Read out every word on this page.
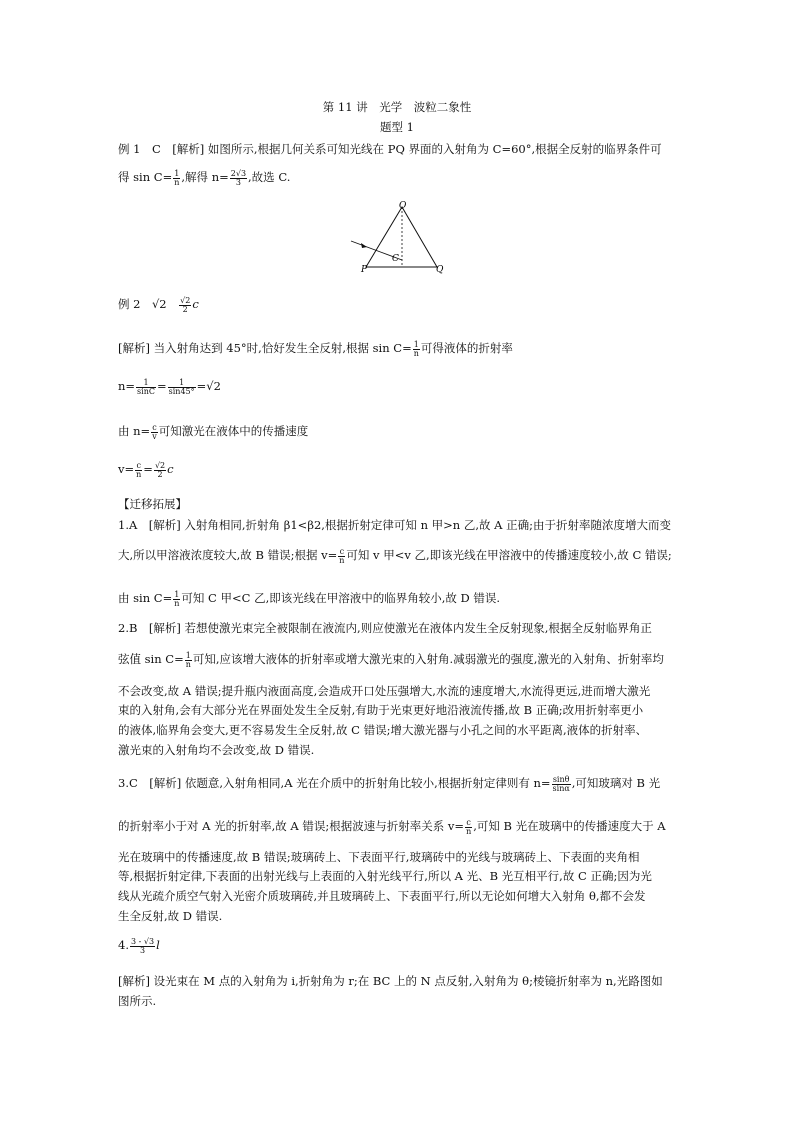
第 11 讲　光学　波粒二象性
题型 1
例 1　C　[解析] 如图所示,根据几何关系可知光线在 PQ 界面的入射角为 C=60°,根据全反射的临界条件可
得 $\sin C= \frac{1}{n}$ ,解得 $n= \frac{2√3}{3}$ ,故选 C.
O
P	Q
C
例 2　√2　 $\frac{√2}{2}$ c
[解析] 当入射角达到 45°时,恰好发生全反射,根据 $\sin C= \frac{1}{n}$ 可得液体的折射率
$n= \frac{1}{\sin C} = \frac{1}{\sin 45^\circ} =√2$
由 $n= \frac{c}{v}$ 可知激光在液体中的传播速度
$v= \frac{c}{n} = \frac{√2}{2}$ c
【迁移拓展】
1.A　[解析] 入射角相同,折射角 β1<β2,根据折射定律可知 n 甲>n 乙,故 A 正确;由于折射率随浓度增大而变
大,所以甲溶液浓度较大,故 B 错误;根据 $v= \frac{c}{n}$ 可知 v 甲<v 乙,即该光线在甲溶液中的传播速度较小,故 C 错误;
由 $\sin C= \frac{1}{n}$ 可知 C 甲<C 乙,即该光线在甲溶液中的临界角较小,故 D 错误.
2.B　[解析] 若想使激光束完全被限制在液流内,则应使激光在液体内发生全反射现象,根据全反射临界角正
弦值 $\sin C= \frac{1}{n}$ 可知,应该增大液体的折射率或增大激光束的入射角.减弱激光的强度,激光的入射角、折射率均
不会改变,故 A 错误;提升瓶内液面高度,会造成开口处压强增大,水流的速度增大,水流得更远,进而增大激光
束的入射角,会有大部分光在界面处发生全反射,有助于光束更好地沿液流传播,故 B 正确;改用折射率更小
的液体,临界角会变大,更不容易发生全反射,故 C 错误;增大激光器与小孔之间的水平距离,液体的折射率、
激光束的入射角均不会改变,故 D 错误.
3.C　[解析] 依题意,入射角相同,A 光在介质中的折射角比较小,根据折射定律则有 $n= \frac{\sin\theta}{\sin\alpha}$ ,可知玻璃对 B 光
的折射率小于对 A 光的折射率,故 A 错误;根据波速与折射率关系 $v= \frac{c}{n}$ ,可知 B 光在玻璃中的传播速度大于 A
光在玻璃中的传播速度,故 B 错误;玻璃砖上、下表面平行,玻璃砖中的光线与玻璃砖上、下表面的夹角相
等,根据折射定律,下表面的出射光线与上表面的入射光线平行,所以 A 光、B 光互相平行,故 C 正确;因为光
线从光疏介质空气射入光密介质玻璃砖,并且玻璃砖上、下表面平行,所以无论如何增大入射角 θ,都不会发
生全反射,故 D 错误.
4. $\frac{3 - √3}{3}$ l
[解析] 设光束在 M 点的入射角为 i,折射角为 r;在 BC 上的 N 点反射,入射角为 θ;棱镜折射率为 n,光路图如
图所示.
